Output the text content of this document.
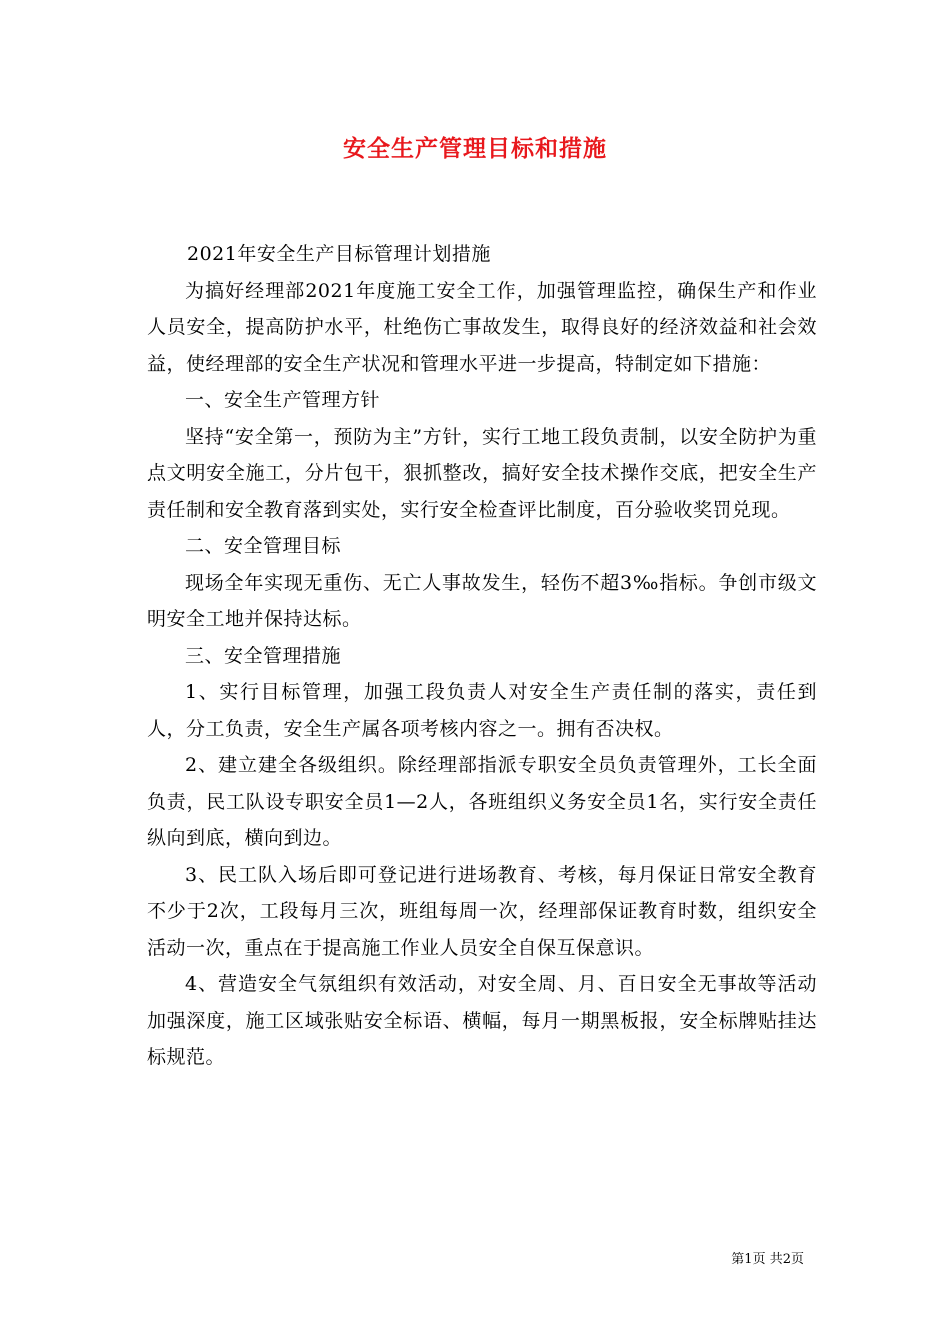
安全生产管理目标和措施

2021年安全生产目标管理计划措施

为搞好经理部2021年度施工安全工作，加强管理监控，确保生产和作业人员安全，提高防护水平，杜绝伤亡事故发生，取得良好的经济效益和社会效益，使经理部的安全生产状况和管理水平进一步提高，特制定如下措施：

一、安全生产管理方针

坚持“安全第一，预防为主”方针，实行工地工段负责制，以安全防护为重点文明安全施工，分片包干，狠抓整改，搞好安全技术操作交底，把安全生产责任制和安全教育落到实处，实行安全检查评比制度，百分验收奖罚兑现。

二、安全管理目标

现场全年实现无重伤、无亡人事故发生，轻伤不超3‰指标。争创市级文明安全工地并保持达标。

三、安全管理措施

1、实行目标管理，加强工段负责人对安全生产责任制的落实，责任到人，分工负责，安全生产属各项考核内容之一。拥有否决权。

2、建立建全各级组织。除经理部指派专职安全员负责管理外，工长全面负责，民工队设专职安全员1—2人，各班组织义务安全员1名，实行安全责任纵向到底，横向到边。

3、民工队入场后即可登记进行进场教育、考核，每月保证日常安全教育不少于2次，工段每月三次，班组每周一次，经理部保证教育时数，组织安全活动一次，重点在于提高施工作业人员安全自保互保意识。

4、营造安全气氛组织有效活动，对安全周、月、百日安全无事故等活动加强深度，施工区域张贴安全标语、横幅，每月一期黑板报，安全标牌贴挂达标规范。

第1页 共2页
